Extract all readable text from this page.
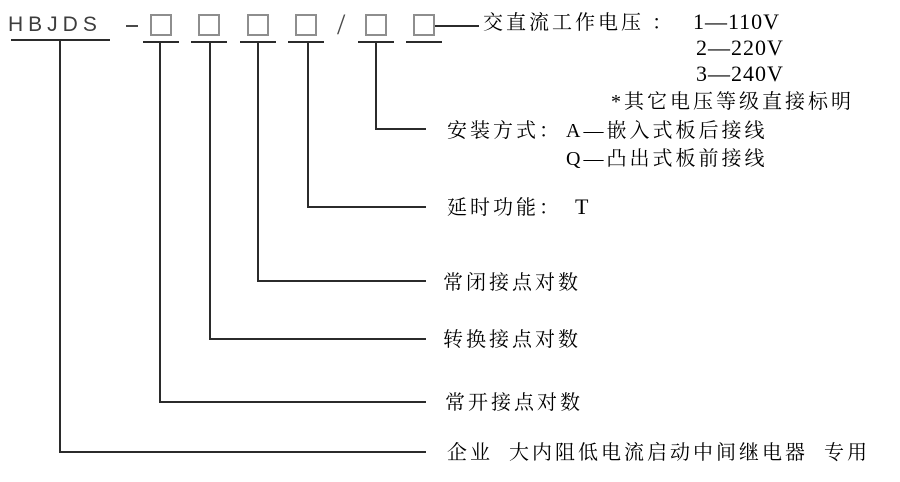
HBJDS	/	交直流工作电压 ： 1—110V
2—220V
3—240V
*其它电压等级直接标明
安装方式： A—嵌入式板后接线
Q—凸出式板前接线
延时功能： T
常闭接点对数
转换接点对数
常开接点对数
企业  大内阻低电流启动中间继电器  专用
